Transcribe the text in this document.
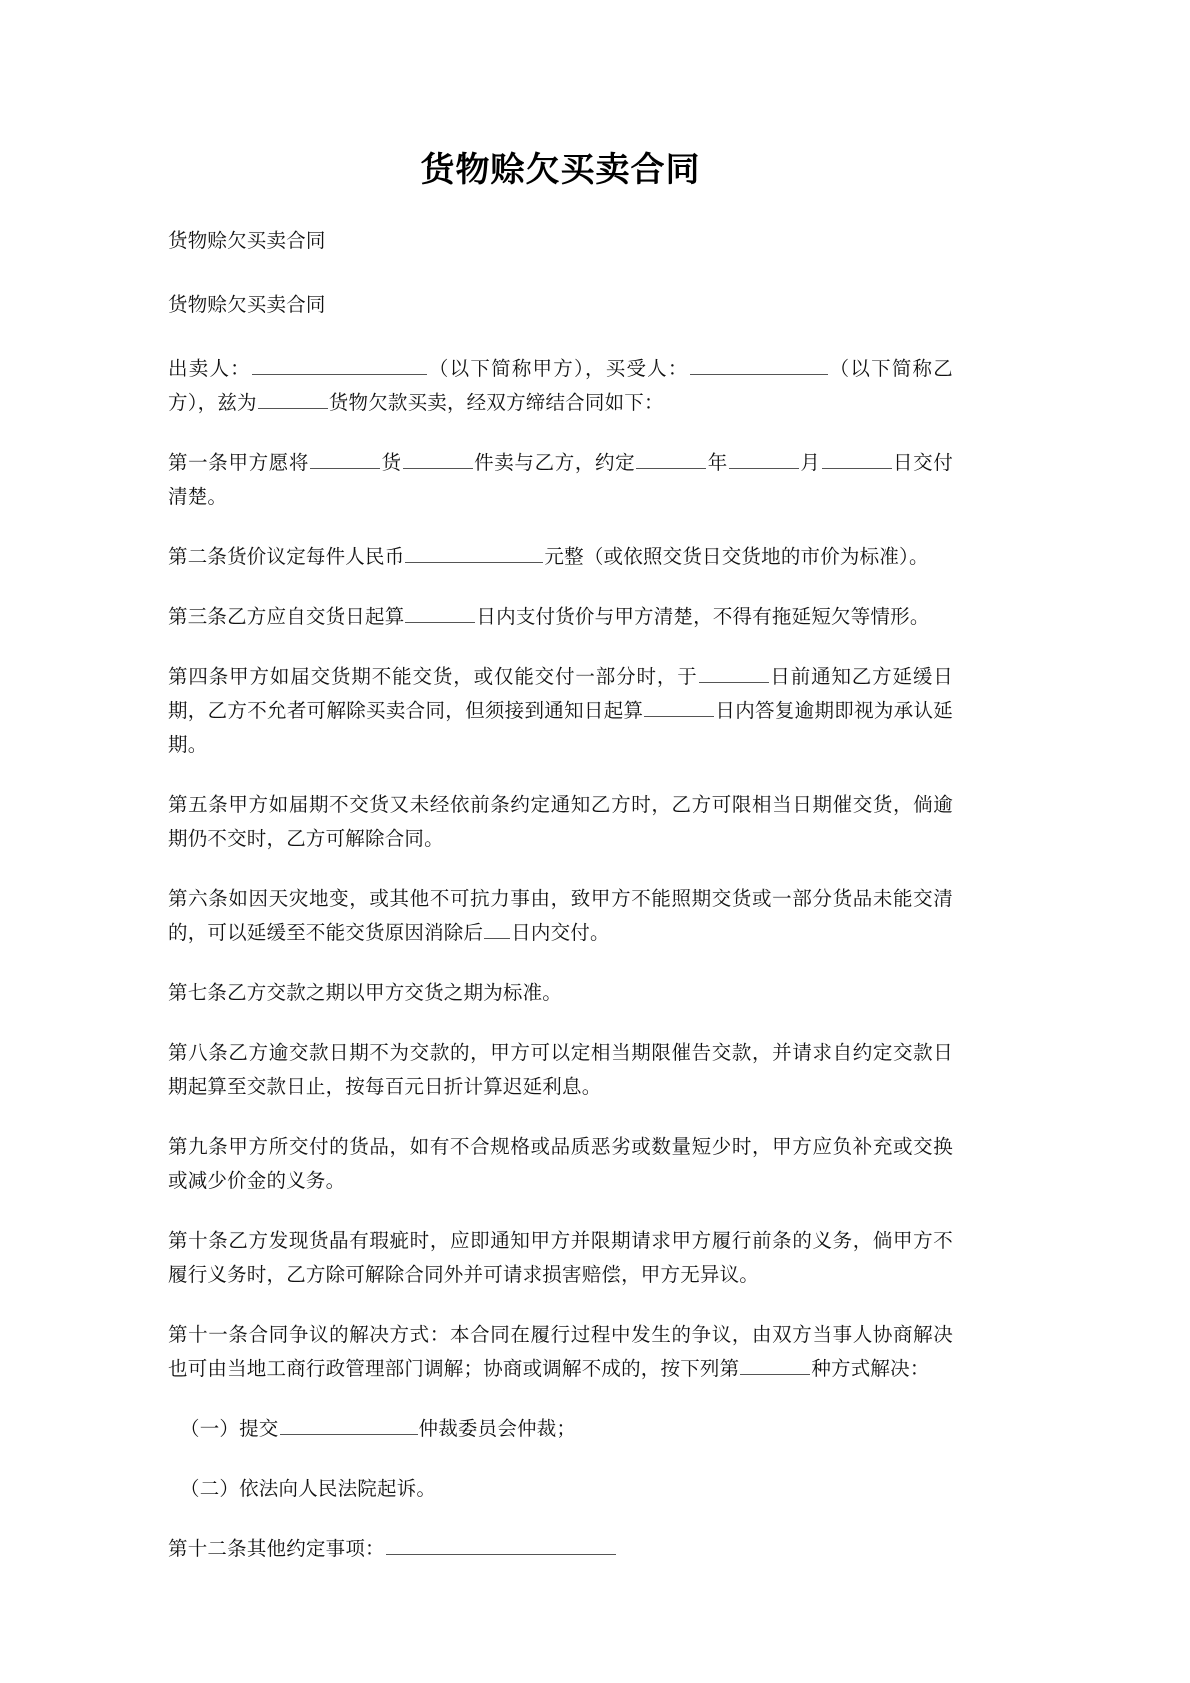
货物赊欠买卖合同

货物赊欠买卖合同

货物赊欠买卖合同

出卖人：	（以下简称甲方），买受人：	（以下简称乙方），兹为	货物欠款买卖，经双方缔结合同如下：

第一条甲方愿将	货	件卖与乙方，约定	年	月	日交付清楚。

第二条货价议定每件人民币	元整（或依照交货日交货地的市价为标准）。

第三条乙方应自交货日起算	日内支付货价与甲方清楚，不得有拖延短欠等情形。

第四条甲方如届交货期不能交货，或仅能交付一部分时，于	日前通知乙方延缓日期，乙方不允者可解除买卖合同，但须接到通知日起算	日内答复逾期即视为承认延期。

第五条甲方如届期不交货又未经依前条约定通知乙方时，乙方可限相当日期催交货，倘逾期仍不交时，乙方可解除合同。

第六条如因天灾地变，或其他不可抗力事由，致甲方不能照期交货或一部分货品未能交清的，可以延缓至不能交货原因消除后 日内交付。

第七条乙方交款之期以甲方交货之期为标准。

第八条乙方逾交款日期不为交款的，甲方可以定相当期限催告交款，并请求自约定交款日期起算至交款日止，按每百元日折计算迟延利息。

第九条甲方所交付的货品，如有不合规格或品质恶劣或数量短少时，甲方应负补充或交换或减少价金的义务。

第十条乙方发现货晶有瑕疵时，应即通知甲方并限期请求甲方履行前条的义务，倘甲方不履行义务时，乙方除可解除合同外并可请求损害赔偿，甲方无异议。

第十一条合同争议的解决方式：本合同在履行过程中发生的争议，由双方当事人协商解决也可由当地工商行政管理部门调解；协商或调解不成的，按下列第	种方式解决：

（一）提交	仲裁委员会仲裁；

（二）依法向人民法院起诉。

第十二条其他约定事项：
